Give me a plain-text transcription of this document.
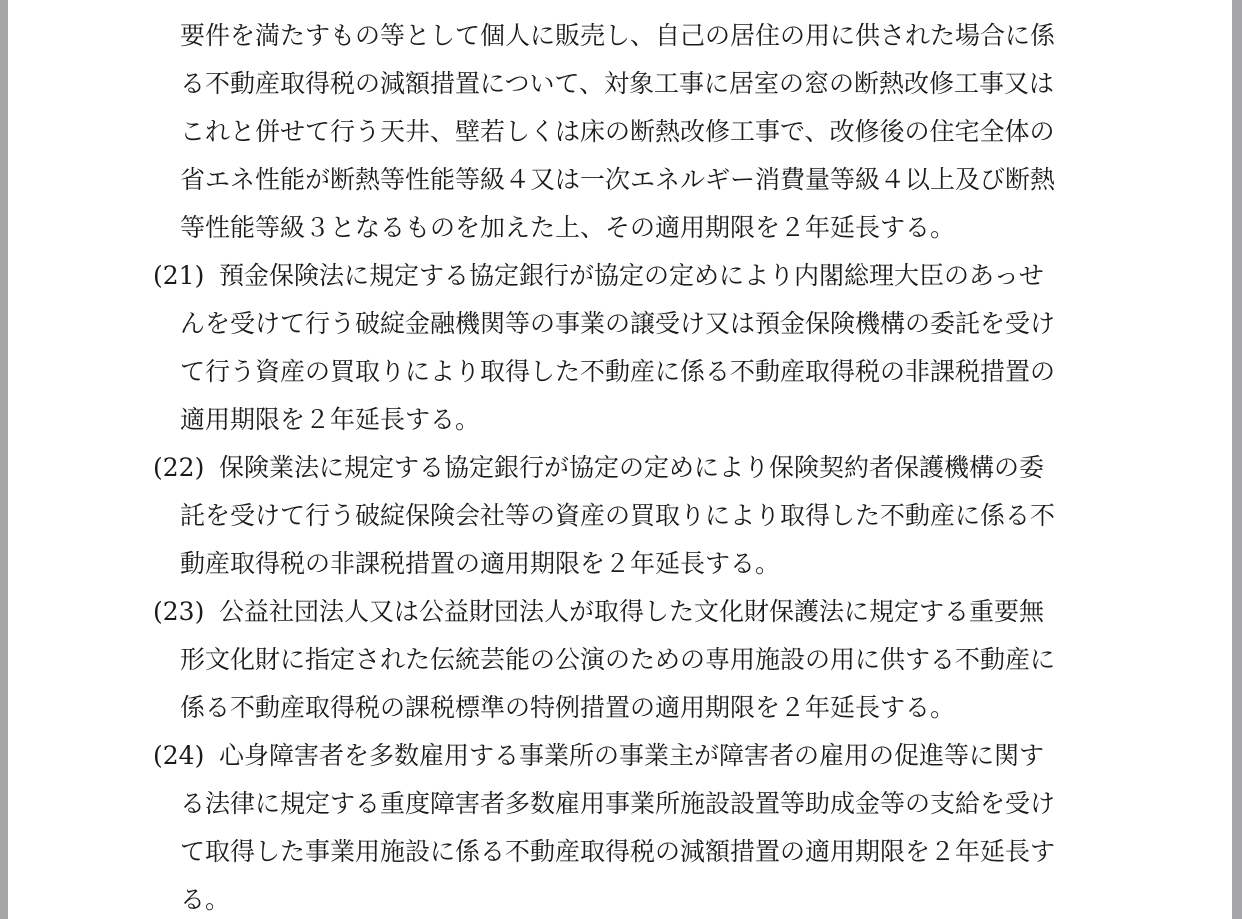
要件を満たすもの等として個人に販売し、自己の居住の用に供された場合に係
る不動産取得税の減額措置について、対象工事に居室の窓の断熱改修工事又は
これと併せて行う天井、壁若しくは床の断熱改修工事で、改修後の住宅全体の
省エネ性能が断熱等性能等級４又は一次エネルギー消費量等級４以上及び断熱
等性能等級３となるものを加えた上、その適用期限を２年延長する。
(21) 預金保険法に規定する協定銀行が協定の定めにより内閣総理大臣のあっせ
んを受けて行う破綻金融機関等の事業の譲受け又は預金保険機構の委託を受け
て行う資産の買取りにより取得した不動産に係る不動産取得税の非課税措置の
適用期限を２年延長する。
(22) 保険業法に規定する協定銀行が協定の定めにより保険契約者保護機構の委
託を受けて行う破綻保険会社等の資産の買取りにより取得した不動産に係る不
動産取得税の非課税措置の適用期限を２年延長する。
(23) 公益社団法人又は公益財団法人が取得した文化財保護法に規定する重要無
形文化財に指定された伝統芸能の公演のための専用施設の用に供する不動産に
係る不動産取得税の課税標準の特例措置の適用期限を２年延長する。
(24) 心身障害者を多数雇用する事業所の事業主が障害者の雇用の促進等に関す
る法律に規定する重度障害者多数雇用事業所施設設置等助成金等の支給を受け
て取得した事業用施設に係る不動産取得税の減額措置の適用期限を２年延長す
る。
